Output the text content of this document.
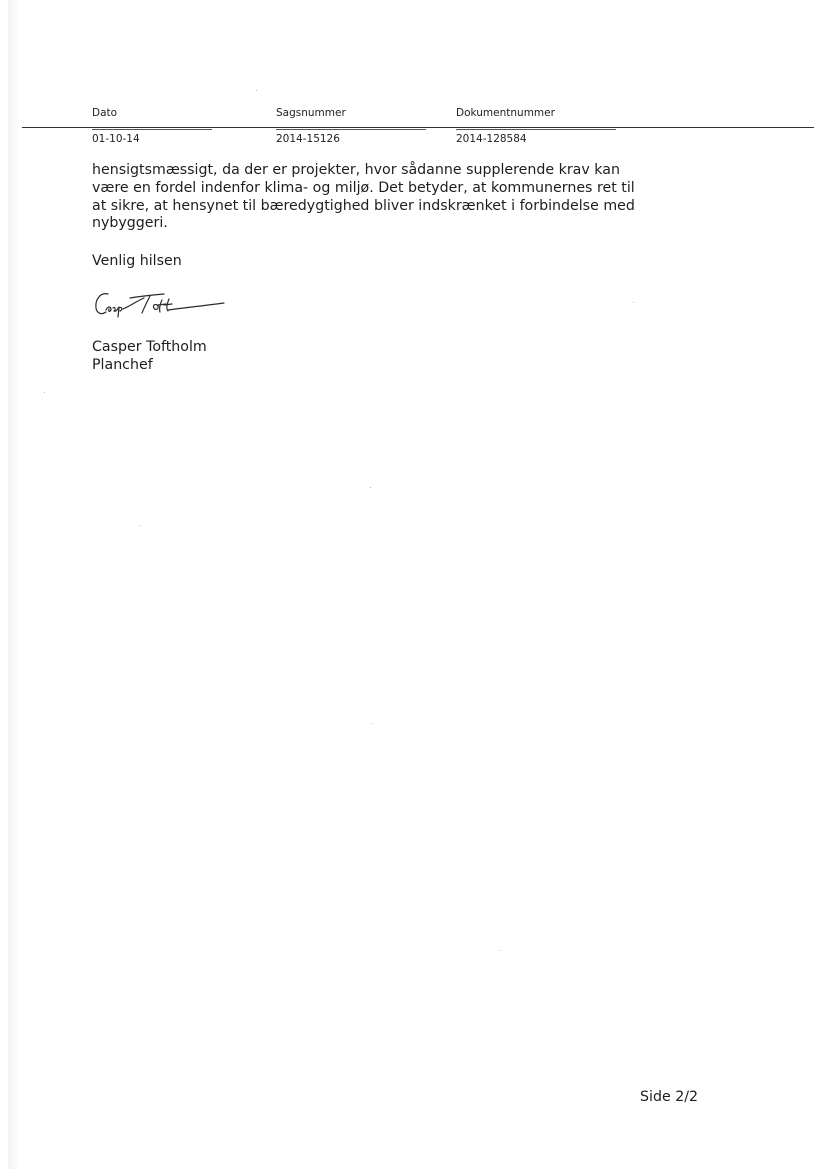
Dato	Sagsnummer	Dokumentnummer
01-10-14	2014-15126	2014-128584
hensigtsmæssigt, da der er projekter, hvor sådanne supplerende krav kan
være en fordel indenfor klima- og miljø. Det betyder, at kommunernes ret til
at sikre, at hensynet til bæredygtighed bliver indskrænket i forbindelse med
nybyggeri.
Venlig hilsen
Casper Toftholm
Planchef
Side 2/2
